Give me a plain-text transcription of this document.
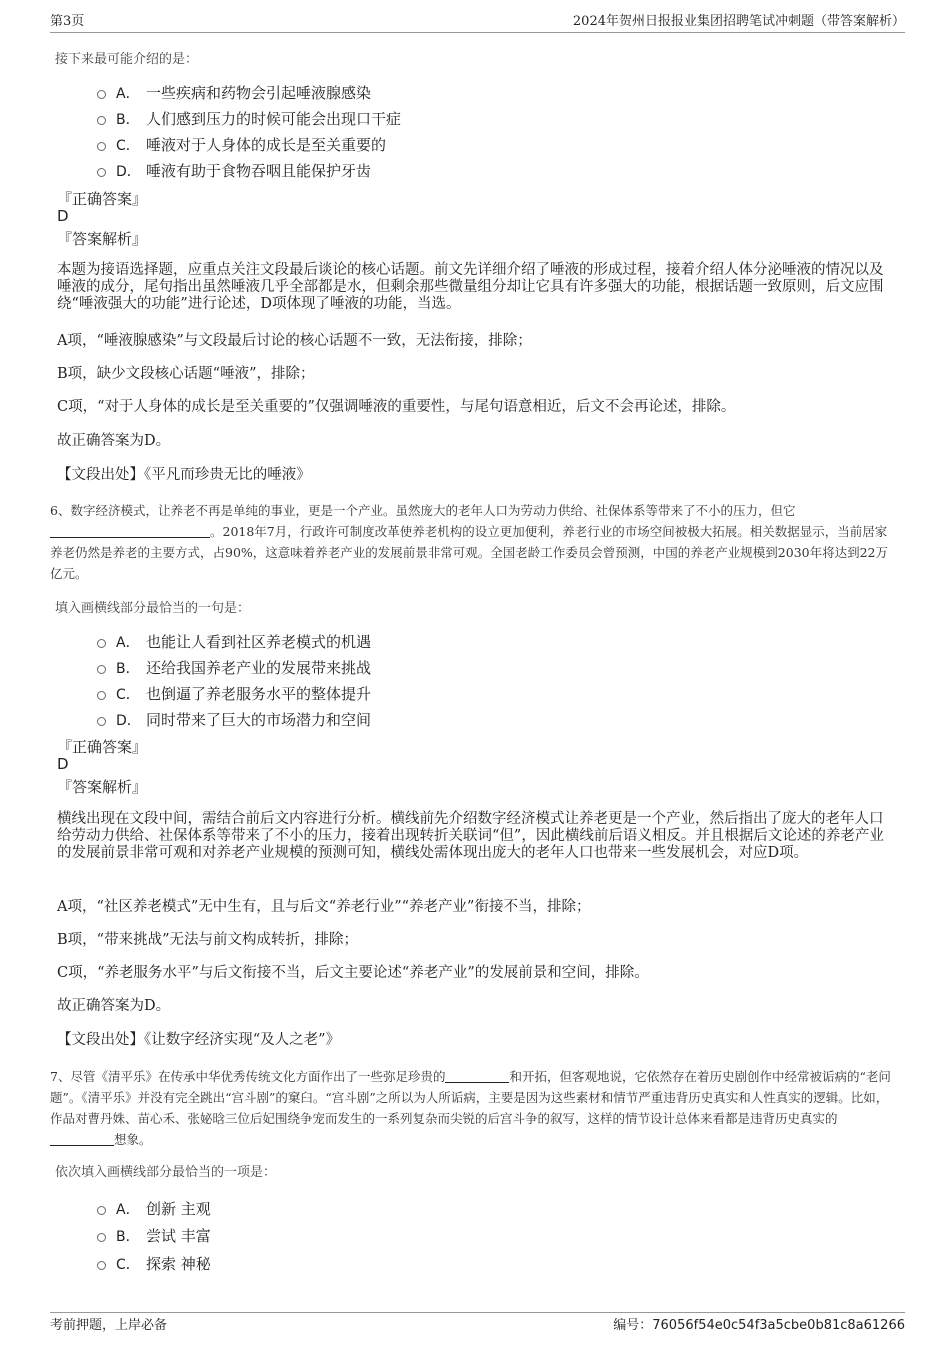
第3页	2024年贺州日报报业集团招聘笔试冲刺题（带答案解析）
接下来最可能介绍的是：
A． 一些疾病和药物会引起唾液腺感染
B． 人们感到压力的时候可能会出现口干症
C． 唾液对于人身体的成长是至关重要的
D． 唾液有助于食物吞咽且能保护牙齿
『正确答案』
D
『答案解析』
本题为接语选择题，应重点关注文段最后谈论的核心话题。前文先详细介绍了唾液的形成过程，接着介绍人体分泌唾液的情况以及唾液的成分，尾句指出虽然唾液几乎全部都是水，但剩余那些微量组分却让它具有许多强大的功能，根据话题一致原则，后文应围绕“唾液强大的功能”进行论述，D项体现了唾液的功能，当选。
A项，“唾液腺感染”与文段最后讨论的核心话题不一致，无法衔接，排除；
B项，缺少文段核心话题“唾液”，排除；
C项，“对于人身体的成长是至关重要的”仅强调唾液的重要性，与尾句语意相近，后文不会再论述，排除。
故正确答案为D。
【文段出处】《平凡而珍贵无比的唾液》
6、数字经济模式，让养老不再是单纯的事业，更是一个产业。虽然庞大的老年人口为劳动力供给、社保体系等带来了不小的压力，但它。2018年7月，行政许可制度改革使养老机构的设立更加便利，养老行业的市场空间被极大拓展。相关数据显示，当前居家养老仍然是养老的主要方式，占90%，这意味着养老产业的发展前景非常可观。全国老龄工作委员会曾预测，中国的养老产业规模到2030年将达到22万亿元。
填入画横线部分最恰当的一句是：
A． 也能让人看到社区养老模式的机遇
B． 还给我国养老产业的发展带来挑战
C． 也倒逼了养老服务水平的整体提升
D． 同时带来了巨大的市场潜力和空间
『正确答案』
D
『答案解析』
横线出现在文段中间，需结合前后文内容进行分析。横线前先介绍数字经济模式让养老更是一个产业，然后指出了庞大的老年人口给劳动力供给、社保体系等带来了不小的压力，接着出现转折关联词“但”，因此横线前后语义相反。并且根据后文论述的养老产业的发展前景非常可观和对养老产业规模的预测可知，横线处需体现出庞大的老年人口也带来一些发展机会，对应D项。
A项，“社区养老模式”无中生有，且与后文“养老行业”“养老产业”衔接不当，排除；
B项，“带来挑战”无法与前文构成转折，排除；
C项，“养老服务水平”与后文衔接不当，后文主要论述“养老产业”的发展前景和空间，排除。
故正确答案为D。
【文段出处】《让数字经济实现“及人之老”》
7、尽管《清平乐》在传承中华优秀传统文化方面作出了一些弥足珍贵的	和开拓，但客观地说，它依然存在着历史剧创作中经常被诟病的“老问题”。《清平乐》并没有完全跳出“宫斗剧”的窠臼。“宫斗剧”之所以为人所诟病，主要是因为这些素材和情节严重违背历史真实和人性真实的逻辑。比如，作品对曹丹姝、苗心禾、张妼晗三位后妃围绕争宠而发生的一系列复杂而尖锐的后宫斗争的叙写，这样的情节设计总体来看都是违背历史真实的想象。
依次填入画横线部分最恰当的一项是：
A． 创新 主观
B． 尝试 丰富
C． 探索 神秘
考前押题，上岸必备	编号：76056f54e0c54f3a5cbe0b81c8a61266
